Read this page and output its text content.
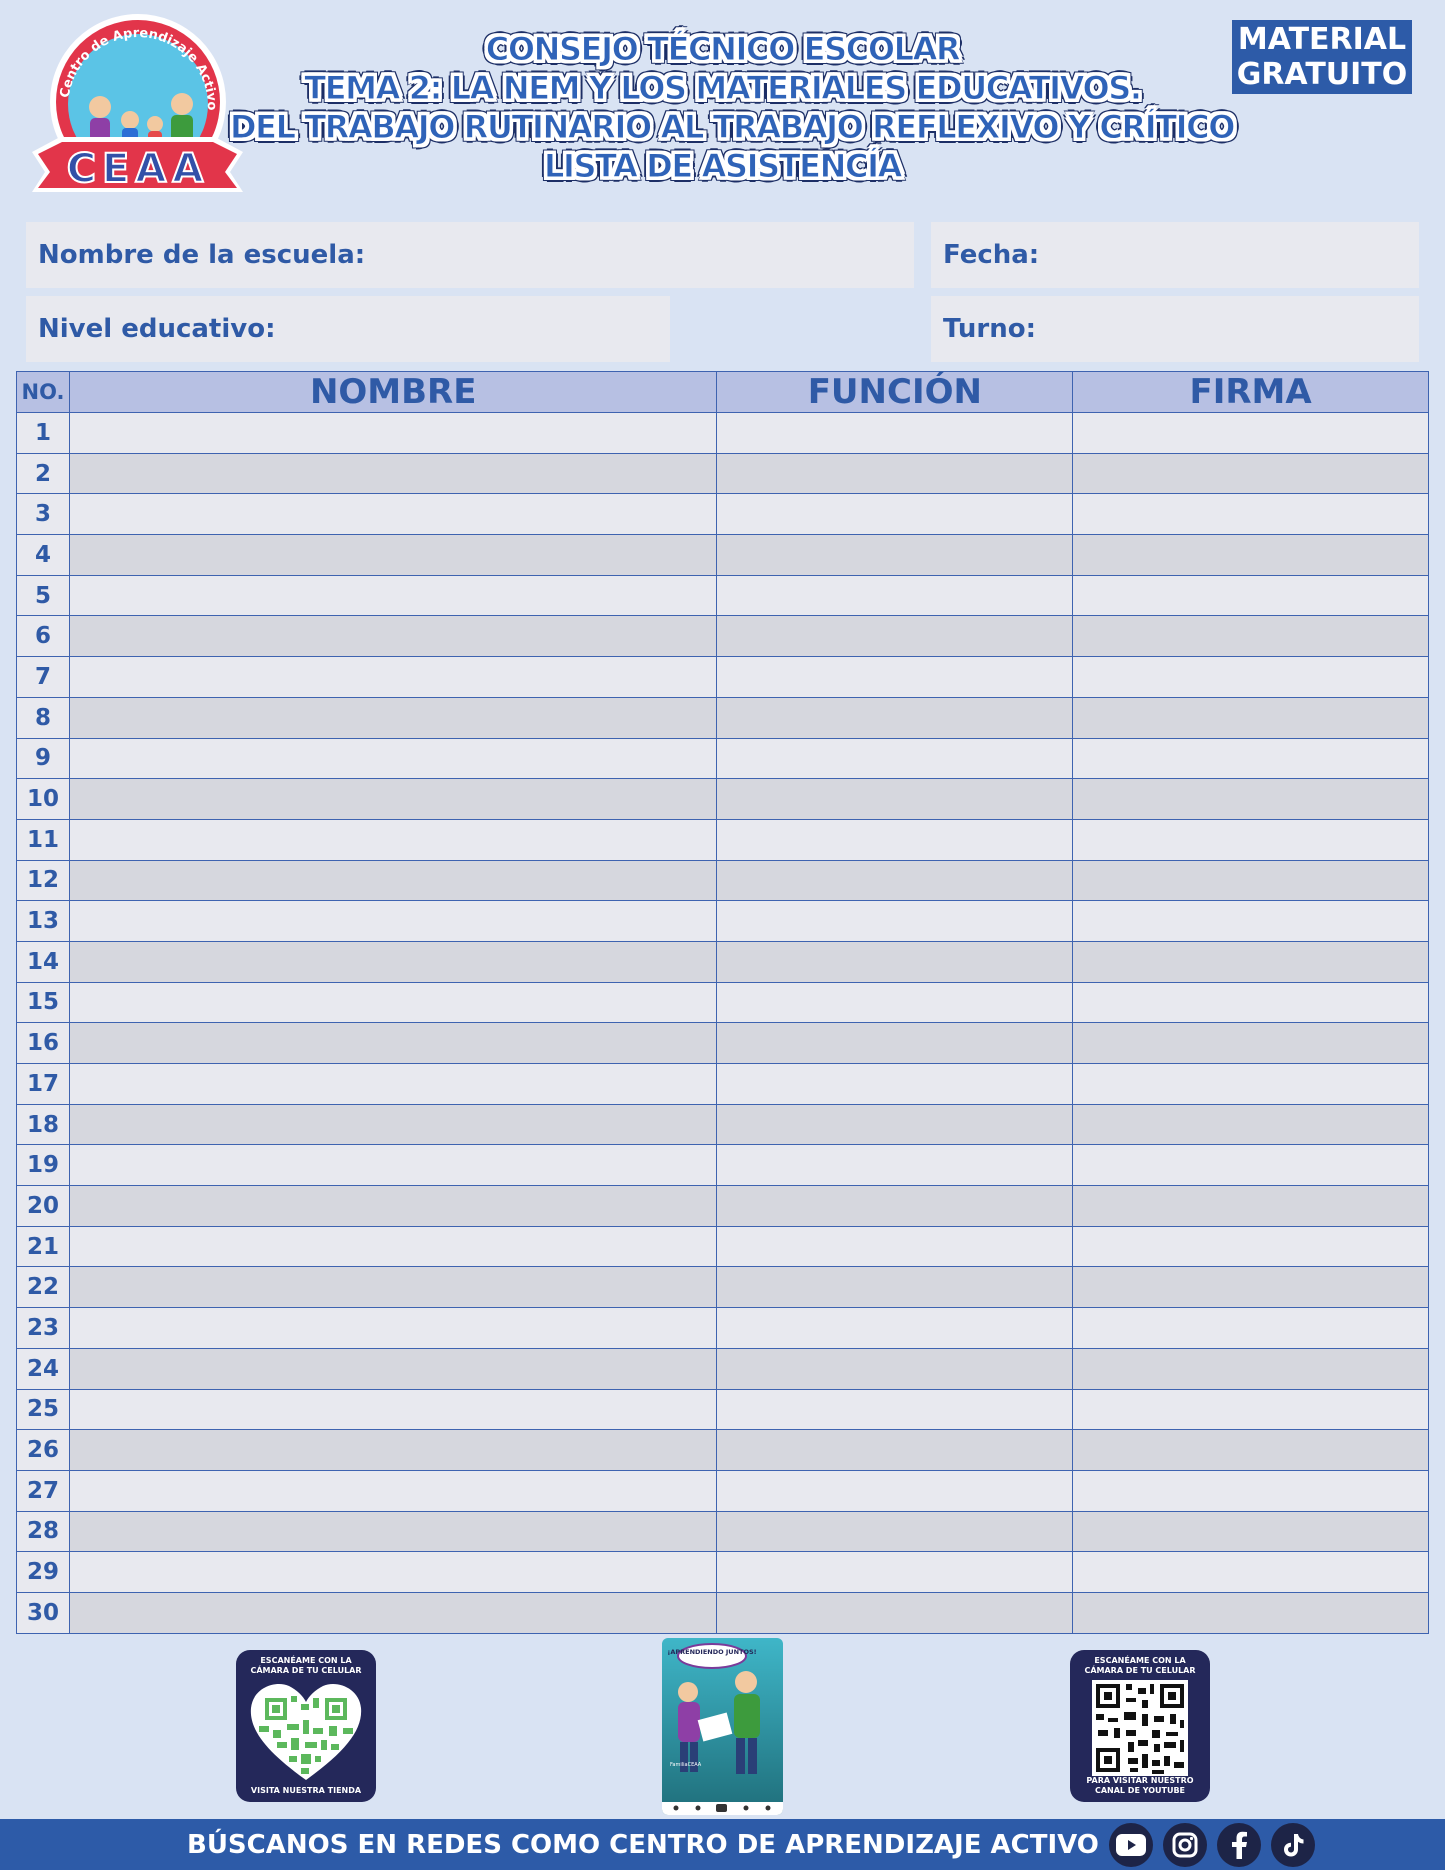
Centro de Aprendizaje Activo
CEAA
MATERIAL
GRATUITO
CONSEJO TÉCNICO ESCOLAR
TEMA 2: LA NEM Y LOS MATERIALES EDUCATIVOS.
DEL TRABAJO RUTINARIO AL TRABAJO REFLEXIVO Y CRÍTICO
LISTA DE ASISTENCÍA
Nombre de la escuela:	Fecha:
Nivel educativo:	Turno:
NO.	NOMBRE	FUNCIÓN	FIRMA
1			
2			
3			
4			
5			
6			
7			
8			
9			
10			
11			
12			
13			
14			
15			
16			
17			
18			
19			
20			
21			
22			
23			
24			
25			
26			
27			
28			
29			
30			
ESCANÉAME CON LA CÁMARA DE TU CELULAR
VISITA NUESTRA TIENDA
¡APRENDIENDO JUNTOS!
FamiliaCEAA
ESCANÉAME CON LA CÁMARA DE TU CELULAR
PARA VISITAR NUESTRO CANAL DE YOUTUBE
BÚSCANOS EN REDES COMO CENTRO DE APRENDIZAJE ACTIVO
